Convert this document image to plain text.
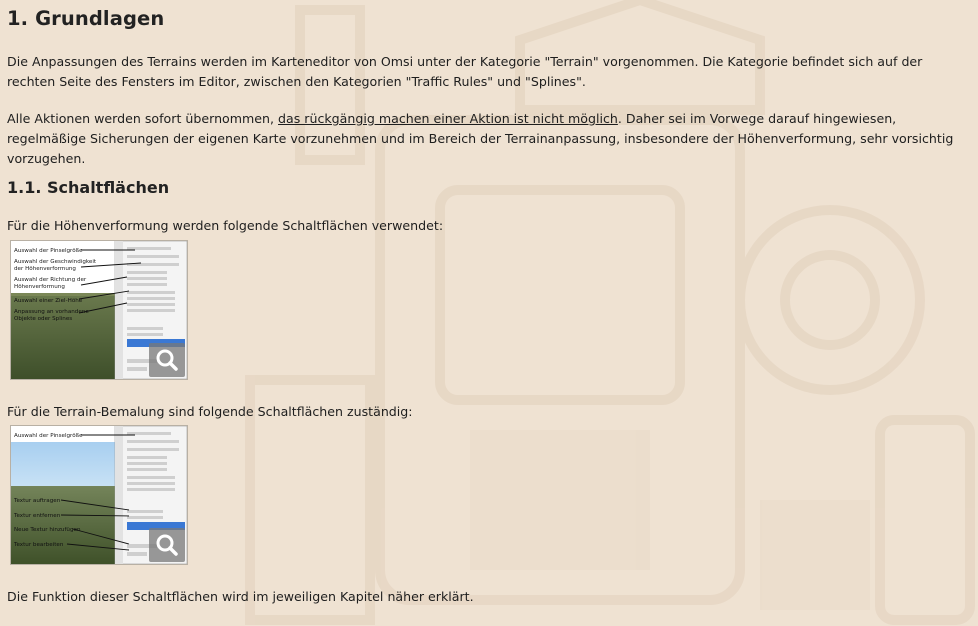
1. Grundlagen

Die Anpassungen des Terrains werden im Karteneditor von Omsi unter der Kategorie "Terrain" vorgenommen. Die Kategorie befindet sich auf der rechten Seite des Fensters im Editor, zwischen den Kategorien "Traffic Rules" und "Splines".

Alle Aktionen werden sofort übernommen, das rückgängig machen einer Aktion ist nicht möglich. Daher sei im Vorwege darauf hingewiesen, regelmäßige Sicherungen der eigenen Karte vorzunehmen und im Bereich der Terrainanpassung, insbesondere der Höhenverformung, sehr vorsichtig vorzugehen.

1.1. Schaltflächen

Für die Höhenverformung werden folgende Schaltflächen verwendet:

Auswahl der Pinselgröße
Auswahl der Geschwindigkeit
der Höhenverformung
Auswahl der Richtung der
Höhenverformung
Auswahl einer Ziel-Höhe
Anpassung an vorhandene
Objekte oder Splines

Für die Terrain-Bemalung sind folgende Schaltflächen zuständig:

Auswahl der Pinselgröße
Textur auftragen
Textur entfernen
Neue Textur hinzufügen
Textur bearbeiten

Die Funktion dieser Schaltflächen wird im jeweiligen Kapitel näher erklärt.
